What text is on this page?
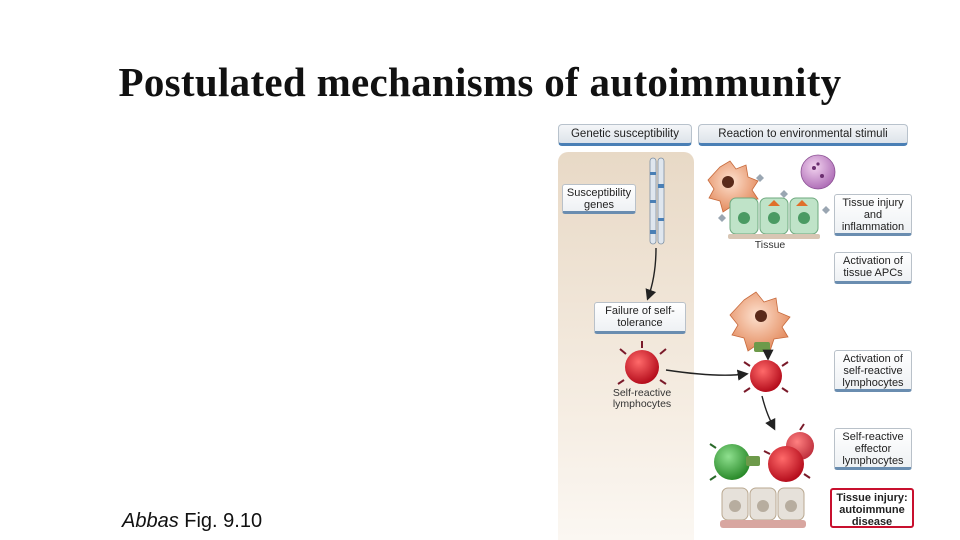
Postulated mechanisms of autoimmunity
Genetic susceptibility	Reaction to environmental stimuli
Susceptibility genes
Failure of self-tolerance
Self-reactive lymphocytes
Tissue
Tissue injury and inflammation
Activation of tissue APCs
Activation of self-reactive lymphocytes
Self-reactive effector lymphocytes
Tissue injury: autoimmune disease
Abbas Fig. 9.10
